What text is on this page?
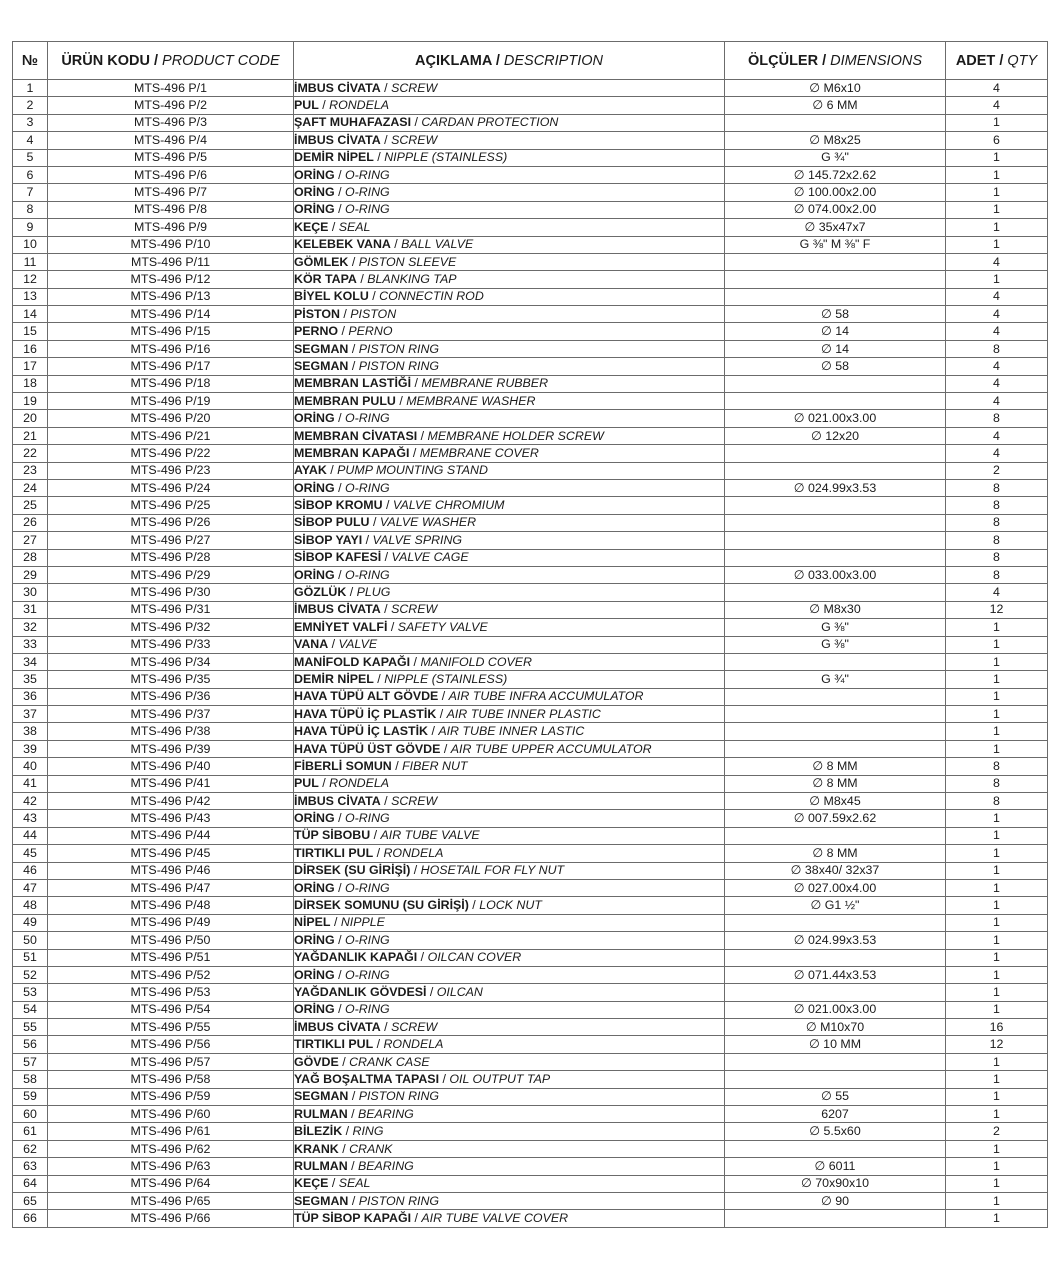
№	ÜRÜN KODU / PRODUCT CODE	AÇIKLAMA / DESCRIPTION	ÖLÇÜLER / DIMENSIONS	ADET / QTY
1	MTS-496 P/1	İMBUS CİVATA / SCREW	∅ M6x10	4
2	MTS-496 P/2	PUL / RONDELA	∅ 6 MM	4
3	MTS-496 P/3	ŞAFT MUHAFAZASI / CARDAN PROTECTION		1
4	MTS-496 P/4	İMBUS CİVATA / SCREW	∅ M8x25	6
5	MTS-496 P/5	DEMİR NİPEL / NIPPLE (STAINLESS)	G ¾"	1
6	MTS-496 P/6	ORİNG / O-RING	∅ 145.72x2.62	1
7	MTS-496 P/7	ORİNG / O-RING	∅ 100.00x2.00	1
8	MTS-496 P/8	ORİNG / O-RING	∅ 074.00x2.00	1
9	MTS-496 P/9	KEÇE / SEAL	∅ 35x47x7	1
10	MTS-496 P/10	KELEBEK VANA / BALL VALVE	G ⅜" M ⅜" F	1
11	MTS-496 P/11	GÖMLEK / PISTON SLEEVE		4
12	MTS-496 P/12	KÖR TAPA / BLANKING TAP		1
13	MTS-496 P/13	BİYEL KOLU / CONNECTIN ROD		4
14	MTS-496 P/14	PİSTON / PISTON	∅ 58	4
15	MTS-496 P/15	PERNO / PERNO	∅ 14	4
16	MTS-496 P/16	SEGMAN / PISTON RING	∅ 14	8
17	MTS-496 P/17	SEGMAN / PISTON RING	∅ 58	4
18	MTS-496 P/18	MEMBRAN LASTİĞİ / MEMBRANE RUBBER		4
19	MTS-496 P/19	MEMBRAN PULU / MEMBRANE WASHER		4
20	MTS-496 P/20	ORİNG / O-RING	∅ 021.00x3.00	8
21	MTS-496 P/21	MEMBRAN CİVATASI / MEMBRANE HOLDER SCREW	∅ 12x20	4
22	MTS-496 P/22	MEMBRAN KAPAĞI / MEMBRANE COVER		4
23	MTS-496 P/23	AYAK / PUMP MOUNTING STAND		2
24	MTS-496 P/24	ORİNG / O-RING	∅ 024.99x3.53	8
25	MTS-496 P/25	SİBOP KROMU / VALVE CHROMIUM		8
26	MTS-496 P/26	SİBOP PULU / VALVE WASHER		8
27	MTS-496 P/27	SİBOP YAYI / VALVE SPRING		8
28	MTS-496 P/28	SİBOP KAFESİ / VALVE CAGE		8
29	MTS-496 P/29	ORİNG / O-RING	∅ 033.00x3.00	8
30	MTS-496 P/30	GÖZLÜK / PLUG		4
31	MTS-496 P/31	İMBUS CİVATA / SCREW	∅ M8x30	12
32	MTS-496 P/32	EMNİYET VALFİ / SAFETY VALVE	G ⅜"	1
33	MTS-496 P/33	VANA / VALVE	G ⅜"	1
34	MTS-496 P/34	MANİFOLD KAPAĞI / MANIFOLD COVER		1
35	MTS-496 P/35	DEMİR NİPEL / NIPPLE (STAINLESS)	G ¾"	1
36	MTS-496 P/36	HAVA TÜPÜ ALT GÖVDE / AIR TUBE INFRA ACCUMULATOR		1
37	MTS-496 P/37	HAVA TÜPÜ İÇ PLASTİK / AIR TUBE INNER PLASTIC		1
38	MTS-496 P/38	HAVA TÜPÜ İÇ LASTİK / AIR TUBE INNER LASTIC		1
39	MTS-496 P/39	HAVA TÜPÜ ÜST GÖVDE / AIR TUBE UPPER ACCUMULATOR		1
40	MTS-496 P/40	FİBERLİ SOMUN / FIBER NUT	∅ 8 MM	8
41	MTS-496 P/41	PUL / RONDELA	∅ 8 MM	8
42	MTS-496 P/42	İMBUS CİVATA / SCREW	∅ M8x45	8
43	MTS-496 P/43	ORİNG / O-RING	∅ 007.59x2.62	1
44	MTS-496 P/44	TÜP SİBOBU / AIR TUBE VALVE		1
45	MTS-496 P/45	TIRTIKLI PUL / RONDELA	∅ 8 MM	1
46	MTS-496 P/46	DİRSEK (SU GİRİŞİ) / HOSETAIL FOR FLY NUT	∅ 38x40/ 32x37	1
47	MTS-496 P/47	ORİNG / O-RING	∅ 027.00x4.00	1
48	MTS-496 P/48	DİRSEK SOMUNU (SU GİRİŞİ) / LOCK NUT	∅ G1 ½"	1
49	MTS-496 P/49	NİPEL / NIPPLE		1
50	MTS-496 P/50	ORİNG / O-RING	∅ 024.99x3.53	1
51	MTS-496 P/51	YAĞDANLIK KAPAĞI / OILCAN COVER		1
52	MTS-496 P/52	ORİNG / O-RING	∅ 071.44x3.53	1
53	MTS-496 P/53	YAĞDANLIK GÖVDESİ / OILCAN		1
54	MTS-496 P/54	ORİNG / O-RING	∅ 021.00x3.00	1
55	MTS-496 P/55	İMBUS CİVATA / SCREW	∅ M10x70	16
56	MTS-496 P/56	TIRTIKLI PUL / RONDELA	∅ 10 MM	12
57	MTS-496 P/57	GÖVDE / CRANK CASE		1
58	MTS-496 P/58	YAĞ BOŞALTMA TAPASI / OIL OUTPUT TAP		1
59	MTS-496 P/59	SEGMAN / PISTON RING	∅ 55	1
60	MTS-496 P/60	RULMAN / BEARING	6207	1
61	MTS-496 P/61	BİLEZİK / RING	∅ 5.5x60	2
62	MTS-496 P/62	KRANK / CRANK		1
63	MTS-496 P/63	RULMAN / BEARING	∅ 6011	1
64	MTS-496 P/64	KEÇE / SEAL	∅ 70x90x10	1
65	MTS-496 P/65	SEGMAN / PISTON RING	∅ 90	1
66	MTS-496 P/66	TÜP SİBOP KAPAĞI / AIR TUBE VALVE COVER		1
